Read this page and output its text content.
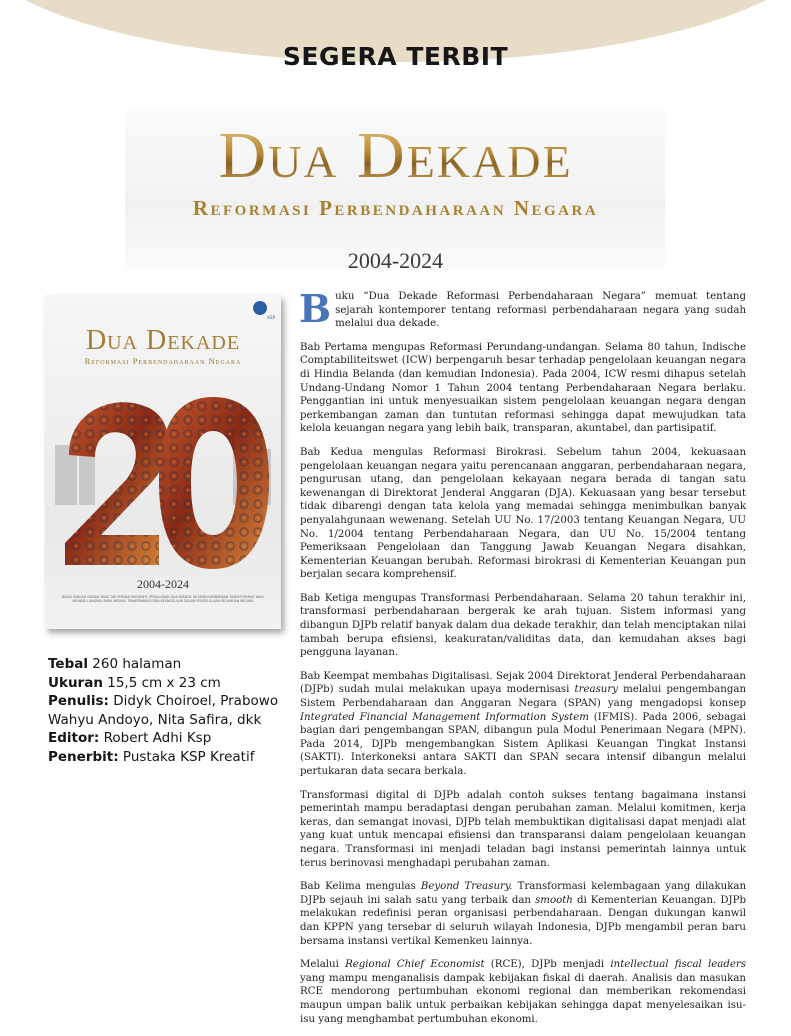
SEGERA TERBIT
Dua Dekade
Reformasi Perbendaharaan Negara
2004-2024
KSP
Dua Dekade
Reformasi Perbendaharaan Negara
2004-2024
BAGAI SEBUAH SUNGAI YANG TAK PERNAH BERHENTI, PERJALANAN DUA DEKADE INI MENGGAMBARKAN TRANSFORMASI YANG MENJADI LANGKAH AWAL MENUJU TRANSPARANSI DAN KEUNGGULAN DALAM PENGELOLAAN KEUANGAN NEGARA
Tebal 260 halaman
Ukuran 15,5 cm x 23 cm
Penulis: Didyk Choiroel, Prabowo Wahyu Andoyo, Nita Safira, dkk
Editor: Robert Adhi Ksp
Penerbit: Pustaka KSP Kreatif

Buku “Dua Dekade Reformasi Perbendaharaan Negara” memuat tentang sejarah kontemporer tentang reformasi perbendaharaan negara yang sudah melalui dua dekade.

Bab Pertama mengupas Reformasi Perundang-undangan. Selama 80 tahun, Indische Comptabiliteitswet (ICW) berpengaruh besar terhadap pengelolaan keuangan negara di Hindia Belanda (dan kemudian Indonesia). Pada 2004, ICW resmi dihapus setelah Undang-Undang Nomor 1 Tahun 2004 tentang Perbendaharaan Negara berlaku. Penggantian ini untuk menyesuaikan sistem pengelolaan keuangan negara dengan perkembangan zaman dan tuntutan reformasi sehingga dapat mewujudkan tata kelola keuangan negara yang lebih baik, transparan, akuntabel, dan partisipatif.

Bab Kedua mengulas Reformasi Birokrasi. Sebelum tahun 2004, kekuasaan pengelolaan keuangan negara yaitu perencanaan anggaran, perbendaharaan negara, pengurusan utang, dan pengelolaan kekayaan negara berada di tangan satu kewenangan di Direktorat Jenderal Anggaran (DJA). Kekuasaan yang besar tersebut tidak dibarengi dengan tata kelola yang memadai sehingga menimbulkan banyak penyalahgunaan wewenang. Setelah UU No. 17/2003 tentang Keuangan Negara, UU No. 1/2004 tentang Perbendaharaan Negara, dan UU No. 15/2004 tentang Pemeriksaan Pengelolaan dan Tanggung Jawab Keuangan Negara disahkan, Kementerian Keuangan berubah. Reformasi birokrasi di Kementerian Keuangan pun berjalan secara komprehensif.

Bab Ketiga mengupas Transformasi Perbendaharaan. Selama 20 tahun terakhir ini, transformasi perbendaharaan bergerak ke arah tujuan. Sistem informasi yang dibangun DJPb relatif banyak dalam dua dekade terakhir, dan telah menciptakan nilai tambah berupa efisiensi, keakuratan/validitas data, dan kemudahan akses bagi pengguna layanan.

Bab Keempat membahas Digitalisasi. Sejak 2004 Direktorat Jenderal Perbendaharaan (DJPb) sudah mulai melakukan upaya modernisasi treasury melalui pengembangan Sistem Perbendaharaan dan Anggaran Negara (SPAN) yang mengadopsi konsep Integrated Financial Management Information System (IFMIS). Pada 2006, sebagai bagian dari pengembangan SPAN, dibangun pula Modul Penerimaan Negara (MPN). Pada 2014, DJPb mengembangkan Sistem Aplikasi Keuangan Tingkat Instansi (SAKTI). Interkoneksi antara SAKTI dan SPAN secara intensif dibangun melalui pertukaran data secara berkala.

Transformasi digital di DJPb adalah contoh sukses tentang bagaimana instansi pemerintah mampu beradaptasi dengan perubahan zaman. Melalui komitmen, kerja keras, dan semangat inovasi, DJPb telah membuktikan digitalisasi dapat menjadi alat yang kuat untuk mencapai efisiensi dan transparansi dalam pengelolaan keuangan negara. Transformasi ini menjadi teladan bagi instansi pemerintah lainnya untuk terus berinovasi menghadapi perubahan zaman.

Bab Kelima mengulas Beyond Treasury. Transformasi kelembagaan yang dilakukan DJPb sejauh ini salah satu yang terbaik dan smooth di Kementerian Keuangan. DJPb melakukan redefinisi peran organisasi perbendaharaan. Dengan dukungan kanwil dan KPPN yang tersebar di seluruh wilayah Indonesia, DJPb mengambil peran baru bersama instansi vertikal Kemenkeu lainnya.

Melalui Regional Chief Economist (RCE), DJPb menjadi intellectual fiscal leaders yang mampu menganalisis dampak kebijakan fiskal di daerah. Analisis dan masukan RCE mendorong pertumbuhan ekonomi regional dan memberikan rekomendasi maupun umpan balik untuk perbaikan kebijakan sehingga dapat menyelesaikan isu-isu yang menghambat pertumbuhan ekonomi.
